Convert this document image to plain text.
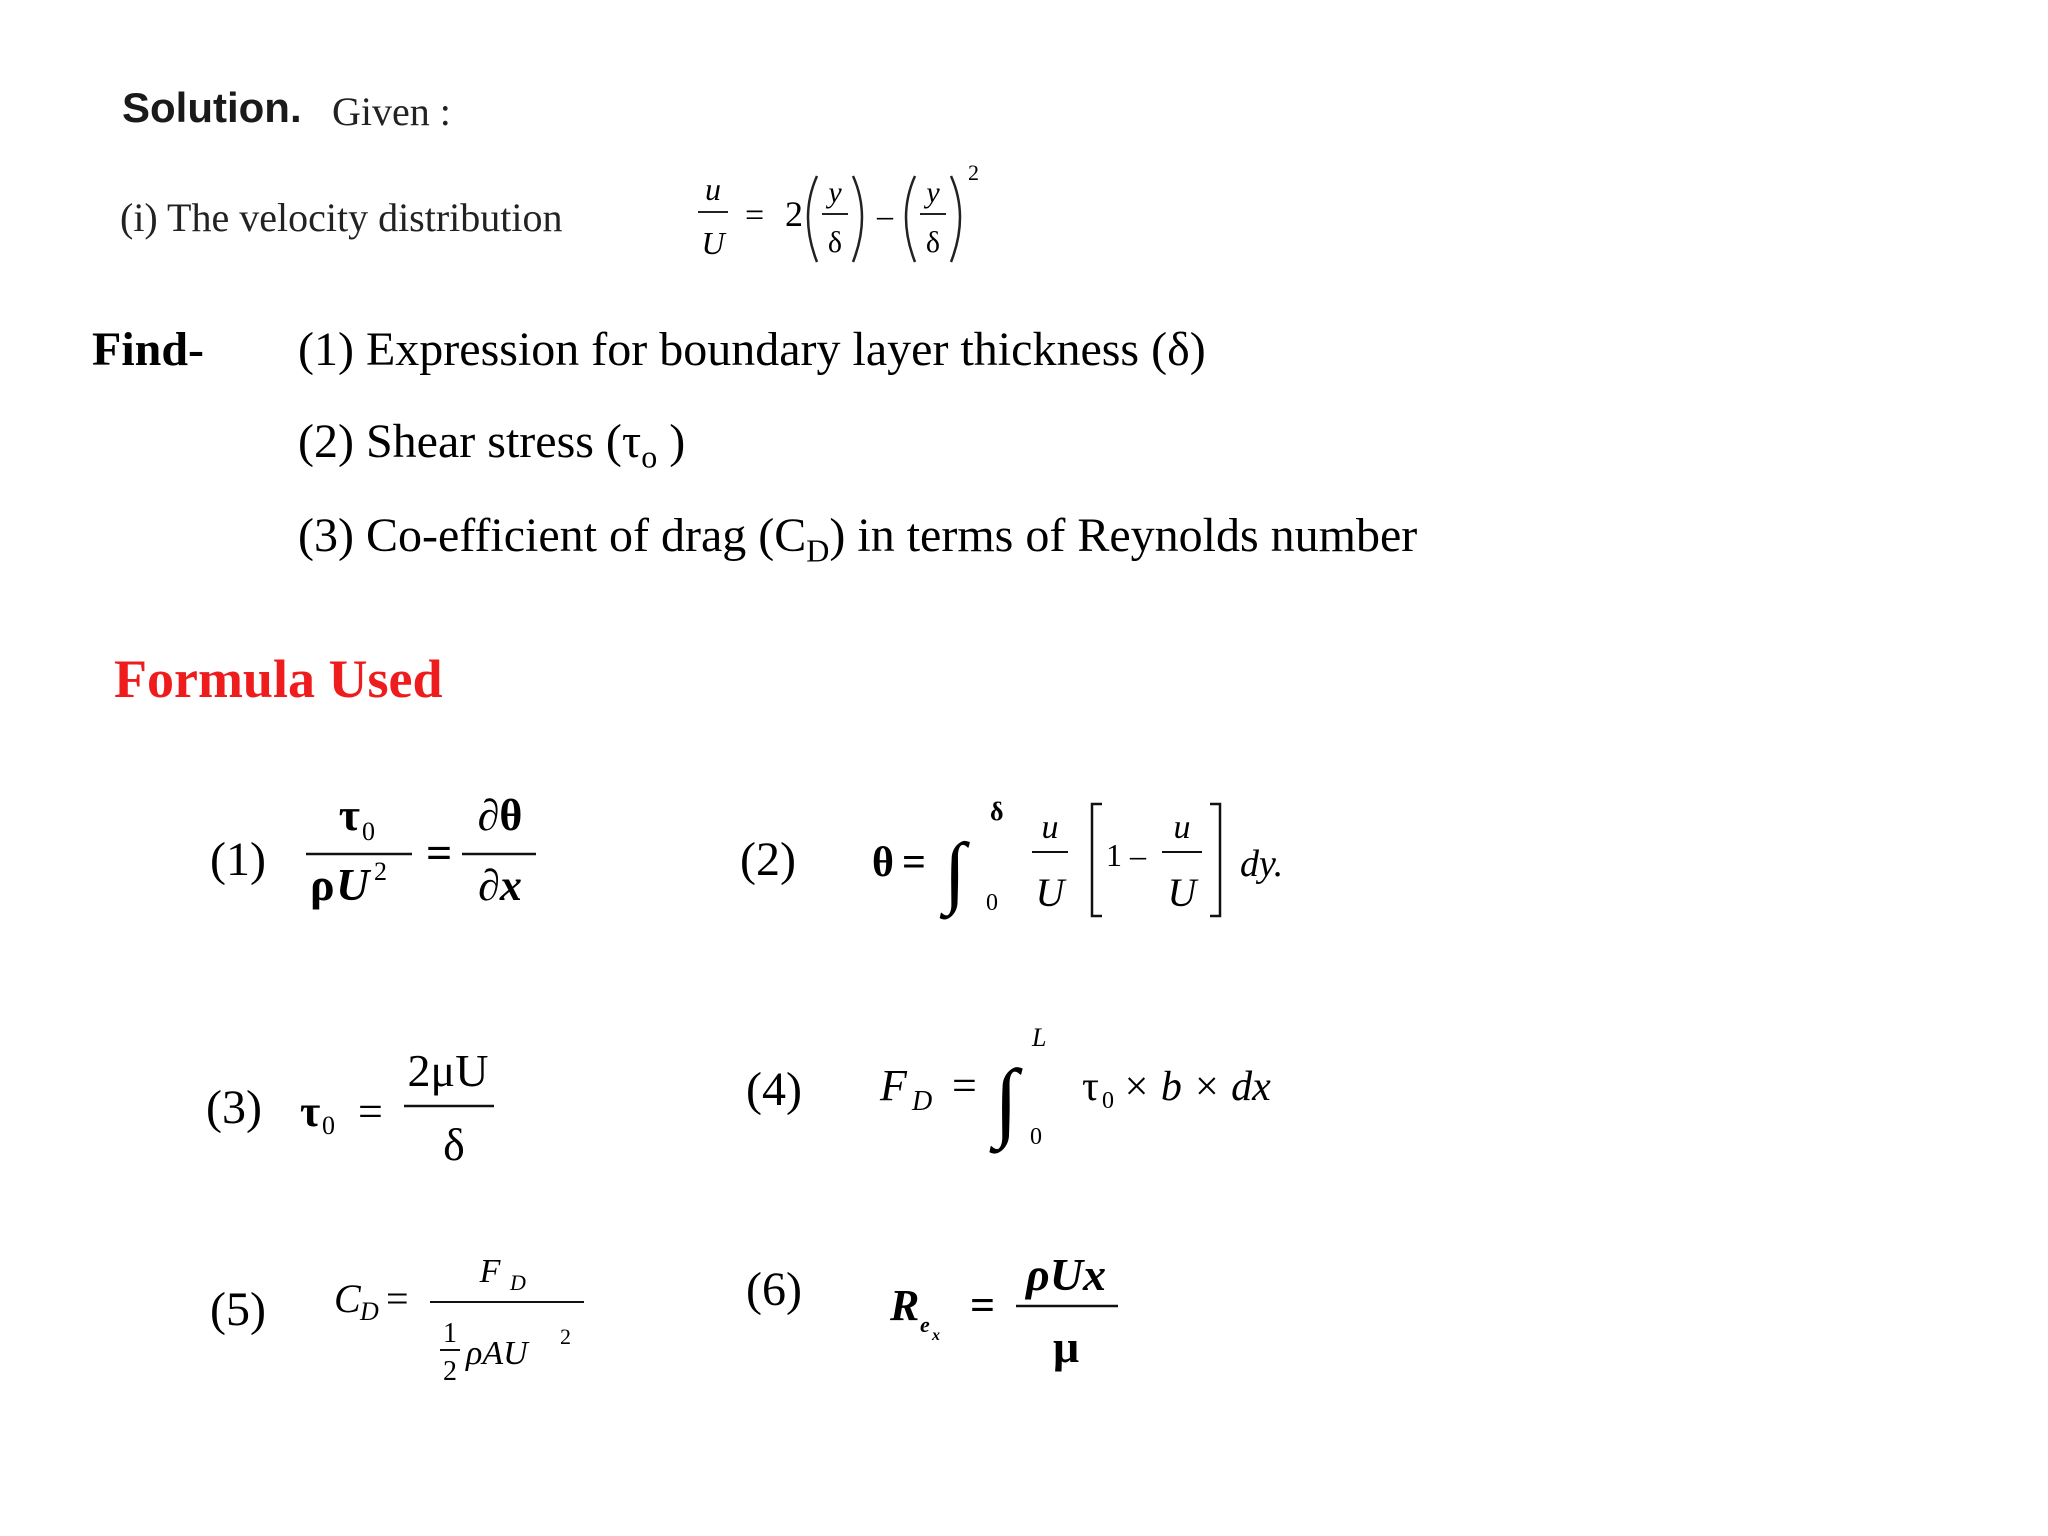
Solution. Given :
(i) The velocity distribution
u
U
= 2
y
δ
–
y
δ
2
Find- (1) Expression for boundary layer thickness (δ)
(2) Shear stress ($\tau_o$ )
(3) Co-efficient of drag $(C_D)$ in terms of Reynolds number
Formula Used
(1)
τ 0
ρ U 2 =
∂θ
∂x	(2) θ = ∫
δ
0
u
U
1 –
u
U
dy.
(3) τ 0 =
2μU
δ
(4) F D = ∫
L
0
τ 0 × b × dx
(5) C D =
F D
1
2 ρAU 2
(6) R e x
=
ρUx
μ
